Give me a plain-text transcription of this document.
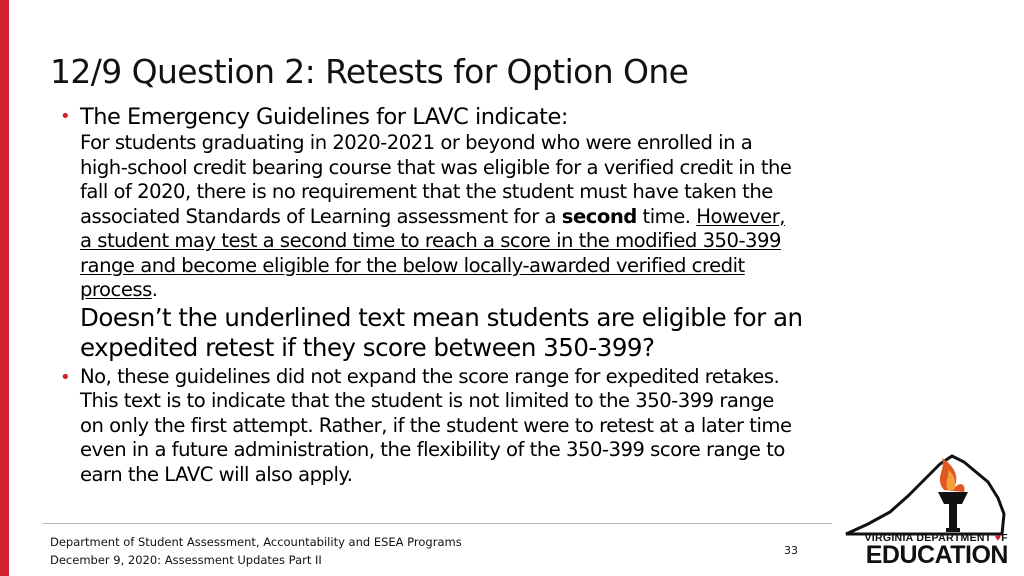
12/9 Question 2: Retests for Option One
• The Emergency Guidelines for LAVC indicate:
For students graduating in 2020-2021 or beyond who were enrolled in a
high-school credit bearing course that was eligible for a verified credit in the
fall of 2020, there is no requirement that the student must have taken the
associated Standards of Learning assessment for a second time. However,
a student may test a second time to reach a score in the modified 350-399
range and become eligible for the below locally-awarded verified credit
process.
Doesn’t the underlined text mean students are eligible for an
expedited retest if they score between 350-399?
• No, these guidelines did not expand the score range for expedited retakes.
This text is to indicate that the student is not limited to the 350-399 range
on only the first attempt. Rather, if the student were to retest at a later time
even in a future administration, the flexibility of the 350-399 score range to
earn the LAVC will also apply.
Department of Student Assessment, Accountability and ESEA Programs
December 9, 2020: Assessment Updates Part II
33
VIRGINIA DEPARTMENT ♥F
EDUCATION
